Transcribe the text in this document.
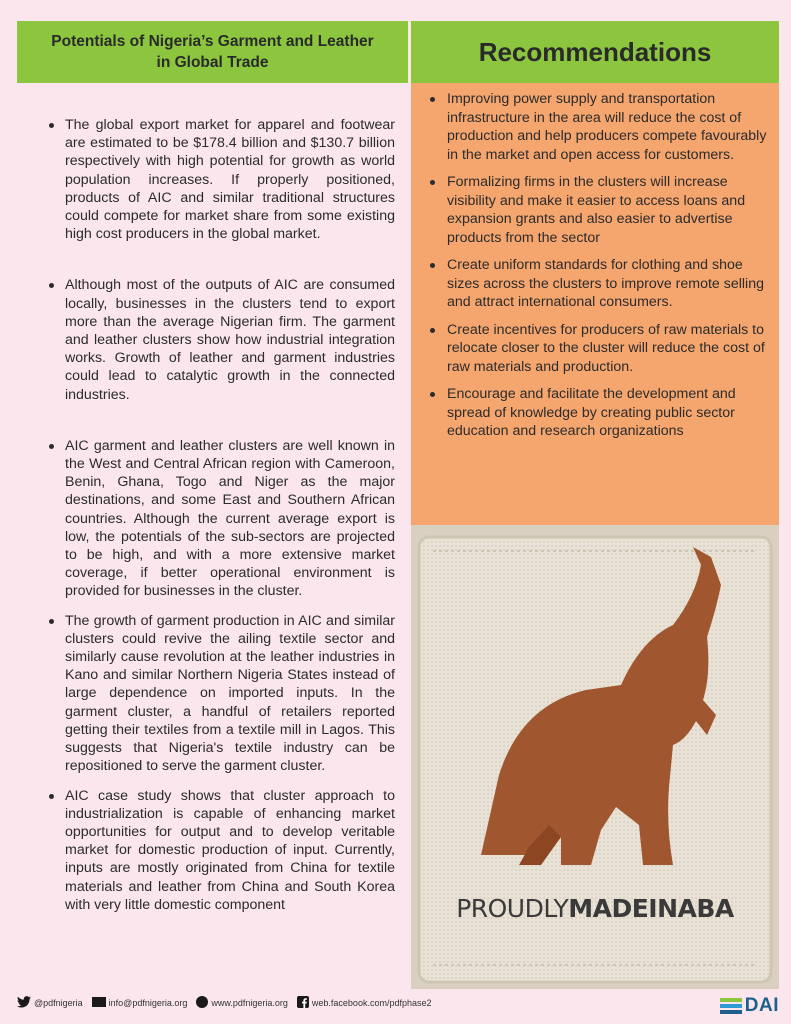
Potentials of Nigeria’s Garment and Leather in Global Trade
The global export market for apparel and footwear are estimated to be $178.4 billion and $130.7 billion respectively with high potential for growth as world population increases. If properly positioned, products of AIC and similar traditional structures could compete for market share from some existing high cost producers in the global market.
Although most of the outputs of AIC are consumed locally, businesses in the clusters tend to export more than the average Nigerian firm. The garment and leather clusters show how industrial integration works. Growth of leather and garment industries could lead to catalytic growth in the connected industries.
AIC garment and leather clusters are well known in the West and Central African region with Cameroon, Benin, Ghana, Togo and Niger as the major destinations, and some East and Southern African countries. Although the current average export is low, the potentials of the sub-sectors are projected to be high, and with a more extensive market coverage, if better operational environment is provided for businesses in the cluster.
The growth of garment production in AIC and similar clusters could revive the ailing textile sector and similarly cause revolution at the leather industries in Kano and similar Northern Nigeria States instead of large dependence on imported inputs. In the garment cluster, a handful of retailers reported getting their textiles from a textile mill in Lagos. This suggests that Nigeria's textile industry can be repositioned to serve the garment cluster.
AIC case study shows that cluster approach to industrialization is capable of enhancing market opportunities for output and to develop veritable market for domestic production of input. Currently, inputs are mostly originated from China for textile materials and leather from China and South Korea with very little domestic component
Recommendations
Improving power supply and transportation infrastructure in the area will reduce the cost of production and help producers compete favourably in the market and open access for customers.
Formalizing firms in the clusters will increase visibility and make it easier to access loans and expansion grants and also easier to advertise products from the sector
Create uniform standards for clothing and shoe sizes across the clusters to improve remote selling and attract international consumers.
Create incentives for producers of raw materials to relocate closer to the cluster will reduce the cost of raw materials and production.
Encourage and facilitate the development and spread of knowledge by creating public sector education and research organizations
PROUDLYMADEINABA
@pdfnigeria	info@pdfnigeria.org	www.pdfnigeria.org	web.facebook.com/pdfphase2	DAI
